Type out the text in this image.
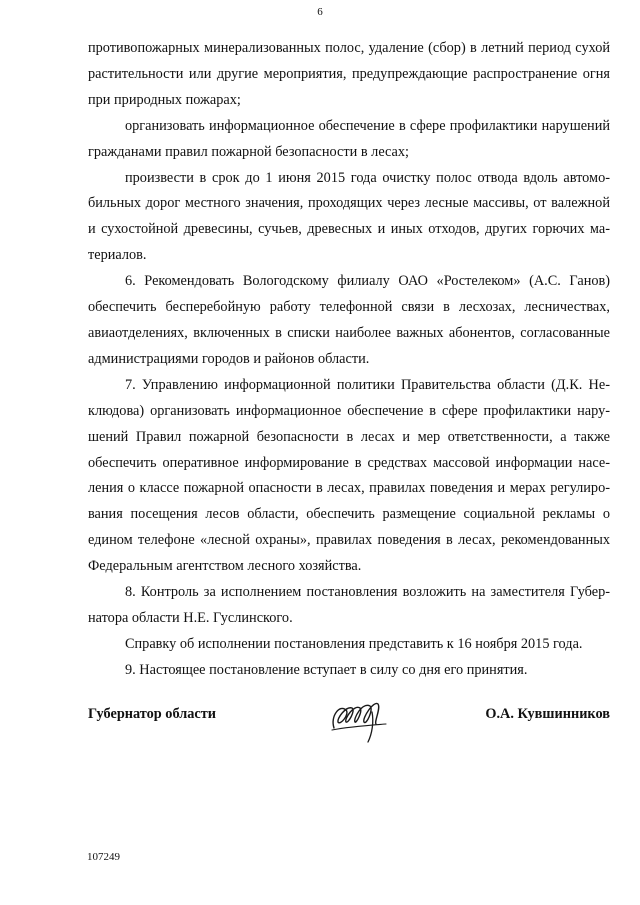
6

противопожарных минерализованных полос, удаление (сбор) в летний период сухой растительности или другие мероприятия, предупреждающие распространение огня при природных пожарах;

организовать информационное обеспечение в сфере профилактики нарушений гражданами правил пожарной безопасности в лесах;

произвести в срок до 1 июня 2015 года очистку полос отвода вдоль автомобильных дорог местного значения, проходящих через лесные массивы, от валежной и сухостойной древесины, сучьев, древесных и иных отходов, других горючих материалов.

6. Рекомендовать Вологодскому филиалу ОАО «Ростелеком» (А.С. Ганов) обеспечить бесперебойную работу телефонной связи в лесхозах, лесничествах, авиаотделениях, включенных в списки наиболее важных абонентов, согласованные администрациями городов и районов области.

7. Управлению информационной политики Правительства области (Д.К. Неклюдова) организовать информационное обеспечение в сфере профилактики нарушений Правил пожарной безопасности в лесах и мер ответственности, а также обеспечить оперативное информирование в средствах массовой информации населения о классе пожарной опасности в лесах, правилах поведения и мерах регулирования посещения лесов области, обеспечить размещение социальной рекламы о едином телефоне «лесной охраны», правилах поведения в лесах, рекомендованных Федеральным агентством лесного хозяйства.

8. Контроль за исполнением постановления возложить на заместителя Губернатора области Н.Е. Гуслинского.

Справку об исполнении постановления представить к 16 ноября 2015 года.

9. Настоящее постановление вступает в силу со дня его принятия.

Губернатор области	О.А. Кувшинников
107249
